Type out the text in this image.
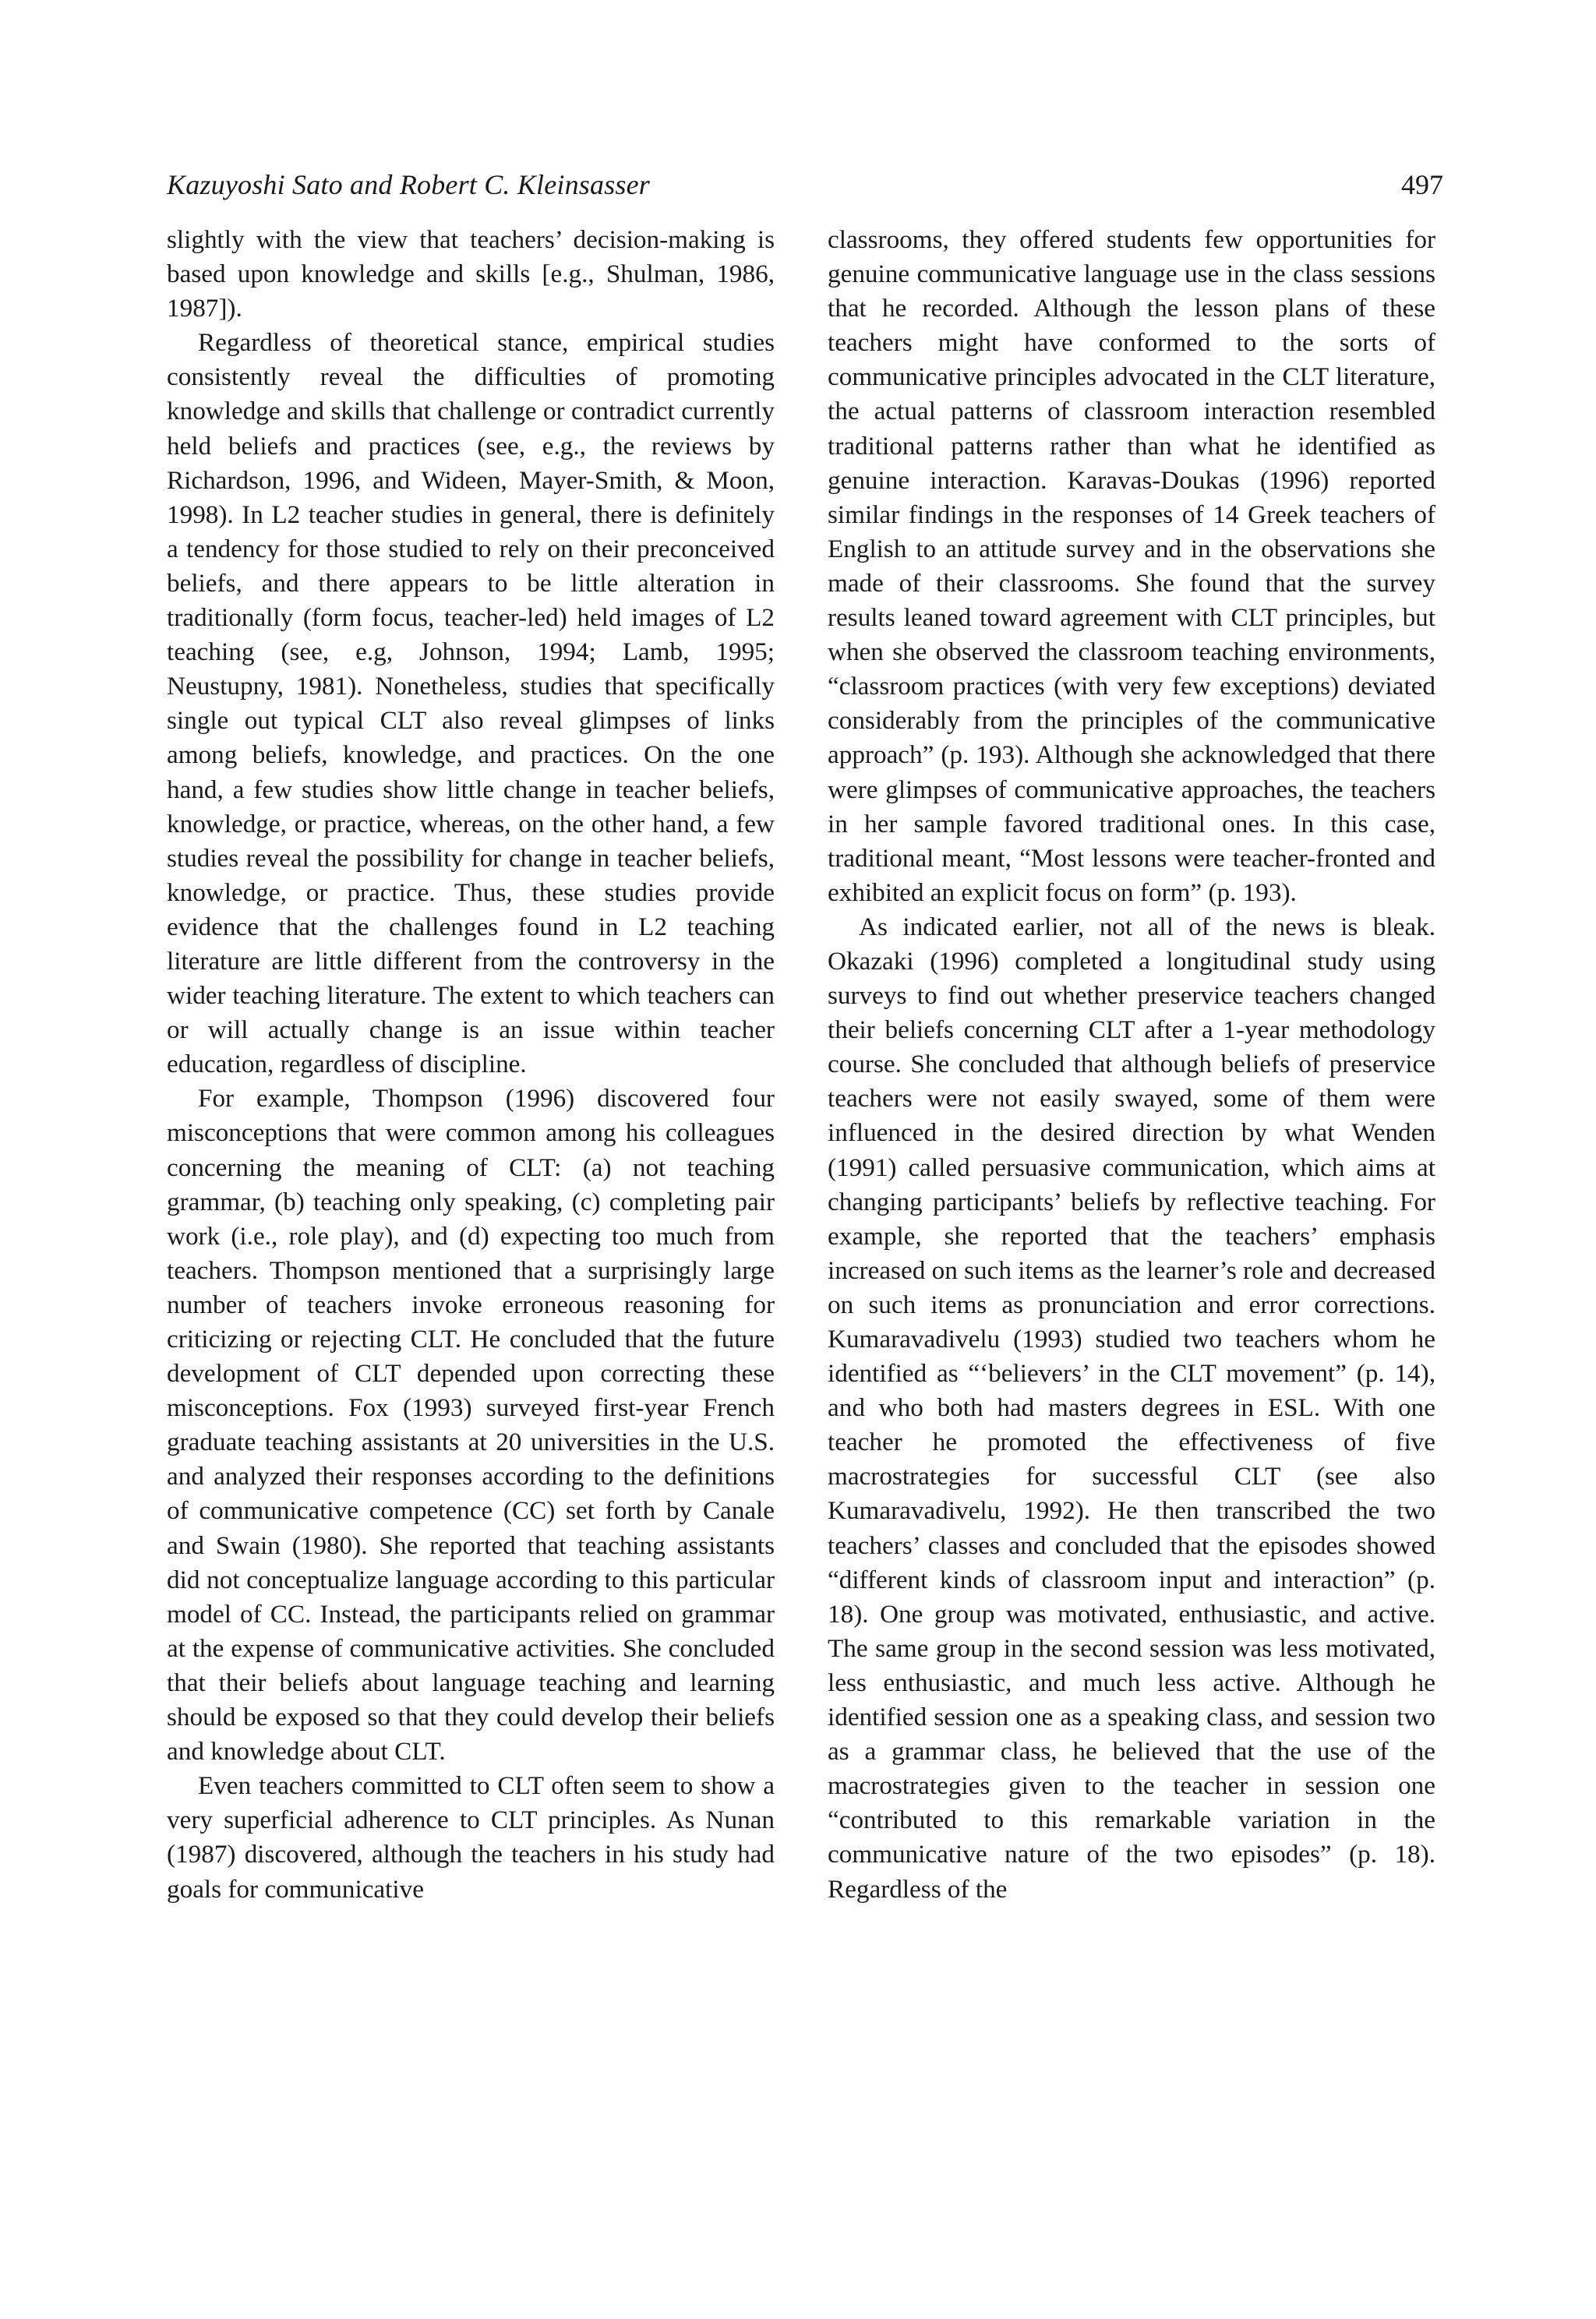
Kazuyoshi Sato and Robert C. Kleinsasser	497

slightly with the view that teachers’ decision-making is based upon knowledge and skills [e.g., Shulman, 1986, 1987]).

Regardless of theoretical stance, empirical studies consistently reveal the difficulties of promoting knowledge and skills that challenge or contradict currently held beliefs and practices (see, e.g., the reviews by Richardson, 1996, and Wideen, Mayer-Smith, & Moon, 1998). In L2 teacher studies in general, there is definitely a tendency for those studied to rely on their preconceived beliefs, and there appears to be little alteration in traditionally (form focus, teacher-led) held images of L2 teaching (see, e.g, Johnson, 1994; Lamb, 1995; Neustupny, 1981). Nonetheless, studies that specifically single out typical CLT also reveal glimpses of links among beliefs, knowledge, and practices. On the one hand, a few studies show little change in teacher beliefs, knowledge, or practice, whereas, on the other hand, a few studies reveal the possibility for change in teacher beliefs, knowledge, or practice. Thus, these studies provide evidence that the challenges found in L2 teaching literature are little different from the controversy in the wider teaching literature. The extent to which teachers can or will actually change is an issue within teacher education, regardless of discipline.

For example, Thompson (1996) discovered four misconceptions that were common among his colleagues concerning the meaning of CLT: (a) not teaching grammar, (b) teaching only speaking, (c) completing pair work (i.e., role play), and (d) expecting too much from teachers. Thompson mentioned that a surprisingly large number of teachers invoke erroneous reasoning for criticizing or rejecting CLT. He concluded that the future development of CLT depended upon correcting these misconceptions. Fox (1993) surveyed first-year French graduate teaching assistants at 20 universities in the U.S. and analyzed their responses according to the definitions of communicative competence (CC) set forth by Canale and Swain (1980). She reported that teaching assistants did not conceptualize language according to this particular model of CC. Instead, the participants relied on grammar at the expense of communicative activities. She concluded that their beliefs about language teaching and learning should be exposed so that they could develop their beliefs and knowledge about CLT.

Even teachers committed to CLT often seem to show a very superficial adherence to CLT principles. As Nunan (1987) discovered, although the teachers in his study had goals for communicative

classrooms, they offered students few opportunities for genuine communicative language use in the class sessions that he recorded. Although the lesson plans of these teachers might have conformed to the sorts of communicative principles advocated in the CLT literature, the actual patterns of classroom interaction resembled traditional patterns rather than what he identified as genuine interaction. Karavas-Doukas (1996) reported similar findings in the responses of 14 Greek teachers of English to an attitude survey and in the observations she made of their classrooms. She found that the survey results leaned toward agreement with CLT principles, but when she observed the classroom teaching environments, “classroom practices (with very few exceptions) deviated considerably from the principles of the communicative approach” (p. 193). Although she acknowledged that there were glimpses of communicative approaches, the teachers in her sample favored traditional ones. In this case, traditional meant, “Most lessons were teacher-fronted and exhibited an explicit focus on form” (p. 193).

As indicated earlier, not all of the news is bleak. Okazaki (1996) completed a longitudinal study using surveys to find out whether preservice teachers changed their beliefs concerning CLT after a 1-year methodology course. She concluded that although beliefs of preservice teachers were not easily swayed, some of them were influenced in the desired direction by what Wenden (1991) called persuasive communication, which aims at changing participants’ beliefs by reflective teaching. For example, she reported that the teachers’ emphasis increased on such items as the learner’s role and decreased on such items as pronunciation and error corrections. Kumaravadivelu (1993) studied two teachers whom he identified as “‘believers’ in the CLT movement” (p. 14), and who both had masters degrees in ESL. With one teacher he promoted the effectiveness of five macrostrategies for successful CLT (see also Kumaravadivelu, 1992). He then transcribed the two teachers’ classes and concluded that the episodes showed “different kinds of classroom input and interaction” (p. 18). One group was motivated, enthusiastic, and active. The same group in the second session was less motivated, less enthusiastic, and much less active. Although he identified session one as a speaking class, and session two as a grammar class, he believed that the use of the macrostrategies given to the teacher in session one “contributed to this remarkable variation in the communicative nature of the two episodes” (p. 18). Regardless of the
